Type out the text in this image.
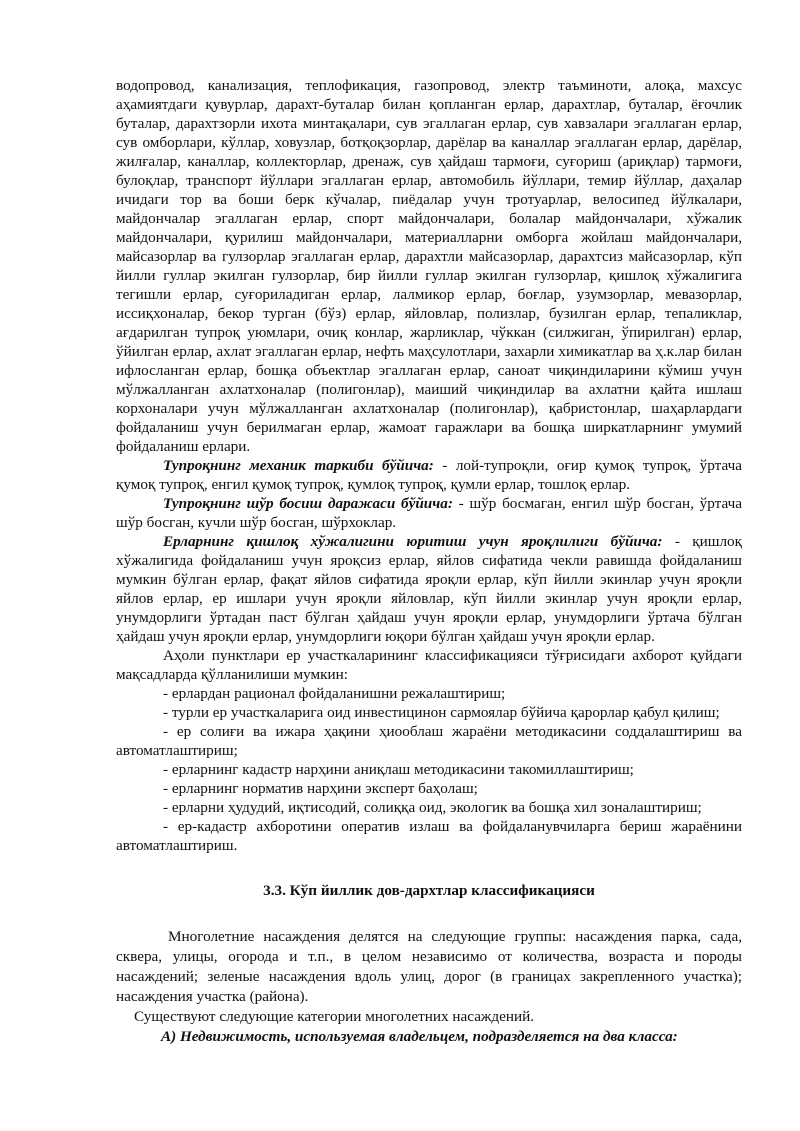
водопровод, канализация, теплофикация, газопровод, электр таъминоти, алоқа, махсус аҳамиятдаги қувурлар, дарахт-буталар билан қопланган ерлар, дарахтлар, буталар, ёғочлик буталар, дарахтзорли ихота минтақалари, сув эгаллаган ерлар, сув хавзалари эгаллаган ерлар, сув омборлари, кўллар, ховузлар, ботқоқзорлар, дарёлар ва каналлар эгаллаган ерлар, дарёлар, жилғалар, каналлар, коллекторлар, дренаж, сув ҳайдаш тармоғи, суғориш (ариқлар) тармоғи, булоқлар, транспорт йўллари эгаллаган ерлар, автомобиль йўллари, темир йўллар, даҳалар ичидаги тор ва боши берк кўчалар, пиёдалар учун тротуарлар, велосипед йўлкалари, майдончалар эгаллаган ерлар, спорт майдончалари, болалар майдончалари, хўжалик майдончалари, қурилиш майдончалари, материалларни омборга жойлаш майдончалари, майсазорлар ва гулзорлар эгаллаган ерлар, дарахтли майсазорлар, дарахтсиз майсазорлар, кўп йилли гуллар экилган гулзорлар, бир йилли гуллар экилган гулзорлар, қишлоқ хўжалигига тегишли ерлар, суғориладиган ерлар, лалмикор ерлар, боғлар, узумзорлар, мевазорлар, иссиқхоналар, бекор турган (бўз) ерлар, яйловлар, полизлар, бузилган ерлар, тепаликлар, ағдарилган тупроқ уюмлари, очиқ конлар, жарликлар, чўккан (силжиган, ўпирилган) ерлар, ўйилган ерлар, ахлат эгаллаган ерлар, нефть маҳсулотлари, захарли химикатлар ва ҳ.к.лар билан ифлосланган ерлар, бошқа объектлар эгаллаган ерлар, саноат чиқиндиларини кўмиш учун мўлжалланган ахлатхоналар (полигонлар), маиший чиқиндилар ва ахлатни қайта ишлаш корхоналари учун мўлжалланган ахлатхоналар (полигонлар), қабристонлар, шаҳарлардаги фойдаланиш учун берилмаган ерлар, жамоат гаражлари ва бошқа ширкатларнинг умумий фойдаланиш ерлари.

Тупроқнинг механик таркиби бўйича: - лой-тупроқли, оғир қумоқ тупроқ, ўртача қумоқ тупроқ, енгил қумоқ тупроқ, қумлоқ тупроқ, қумли ерлар, тошлоқ ерлар.

Тупроқнинг шўр босиш даражаси бўйича: - шўр босмаган, енгил шўр босган, ўртача шўр босган, кучли шўр босган, шўрхоклар.

Ерларнинг қишлоқ хўжалигини юритиш учун яроқлилиги бўйича: - қишлоқ хўжалигида фойдаланиш учун яроқсиз ерлар, яйлов сифатида чекли равишда фойдаланиш мумкин бўлган ерлар, фақат яйлов сифатида яроқли ерлар, кўп йилли экинлар учун яроқли яйлов ерлар, ер ишлари учун яроқли яйловлар, кўп йилли экинлар учун яроқли ерлар, унумдорлиги ўртадан паст бўлган ҳайдаш учун яроқли ерлар, унумдорлиги ўртача бўлган ҳайдаш учун яроқли ерлар, унумдорлиги юқори бўлган ҳайдаш учун яроқли ерлар.

Аҳоли пунктлари ер участкаларининг классификацияси тўғрисидаги ахборот қуйдаги мақсадларда қўлланилиши мумкин:

- ерлардан рационал фойдаланишни режалаштириш;

- турли ер участкаларига оид инвестицинон сармоялар бўйича қарорлар қабул қилиш;

- ер солиғи ва ижара ҳақини ҳиооблаш жараёни методикасини соддалаштириш ва автоматлаштириш;

- ерларнинг кадастр нарҳини аниқлаш методикасини такомиллаштириш;

- ерларнинг норматив нарҳини эксперт баҳолаш;

- ерларни ҳудудий, иқтисодий, солиққа оид, экологик ва бошқа хил зоналаштириш;

- ер-кадастр ахборотини оператив излаш ва фойдаланувчиларга бериш жараёнини автоматлаштириш.

3.3. Кўп йиллик дов-дархтлар классификацияси

Многолетние насаждения делятся на следующие группы: насаждения парка, сада, сквера, улицы, огорода и т.п., в целом независимо от количества, возраста и породы насаждений; зеленые насаждения вдоль улиц, дорог (в границах закрепленного участка); насаждения участка (района).

Существуют следующие категории многолетних насаждений.

А) Недвижимость, используемая владельцем, подразделяется на два класса:
